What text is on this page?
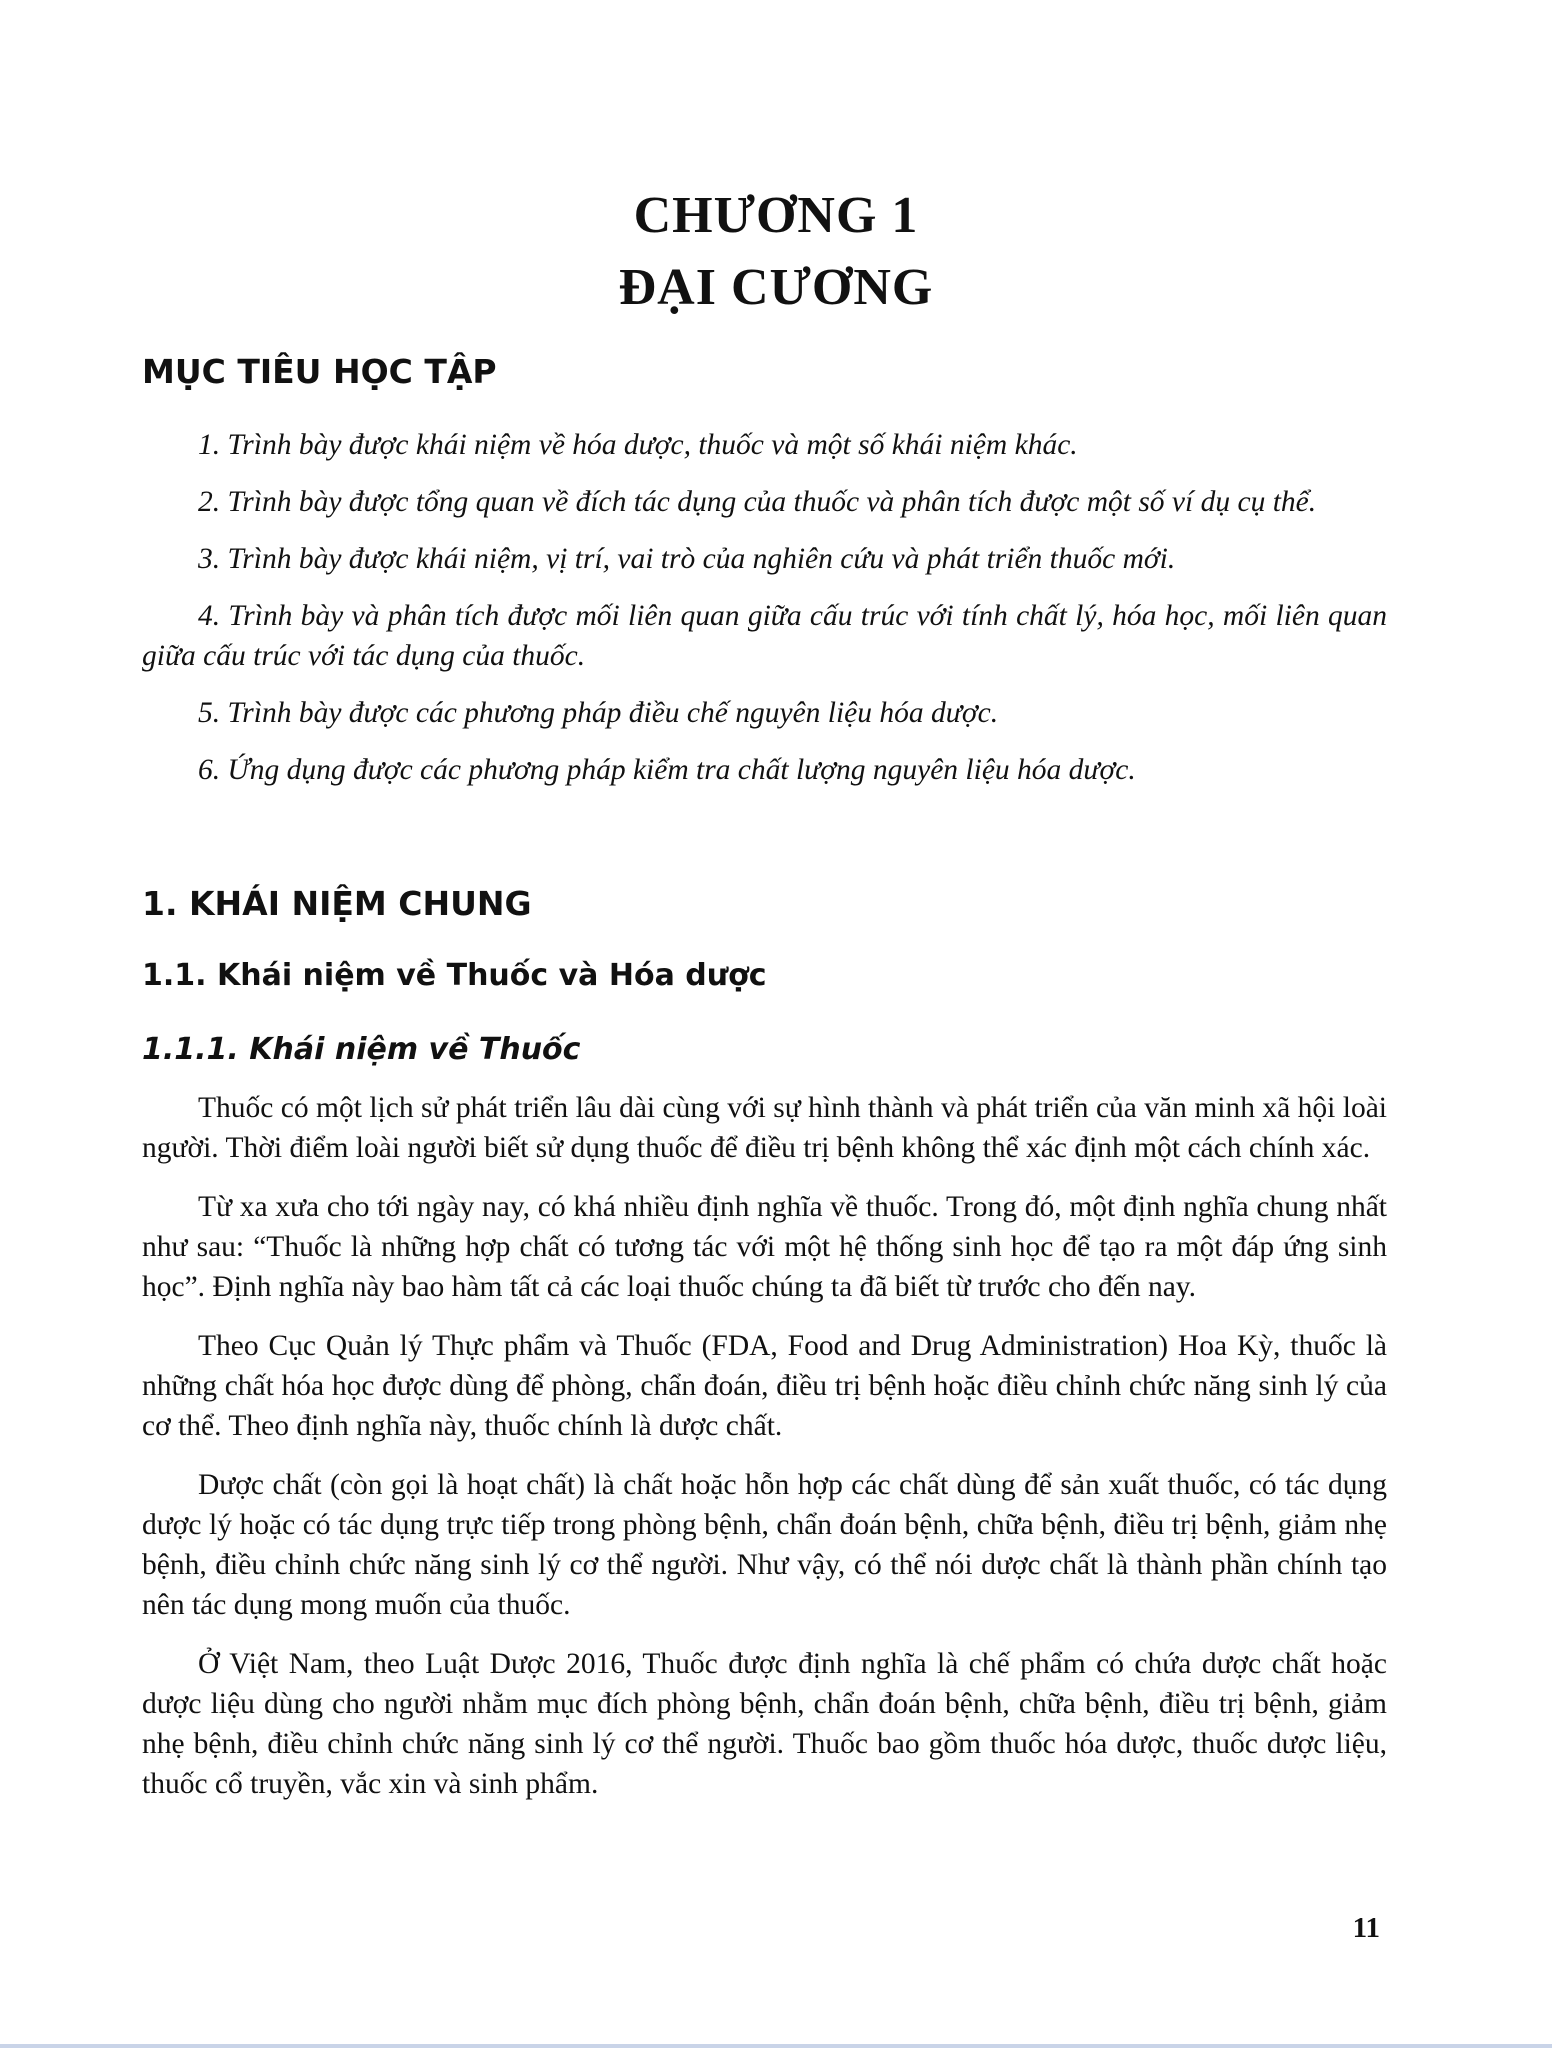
CHƯƠNG 1
ĐẠI CƯƠNG
MỤC TIÊU HỌC TẬP

1. Trình bày được khái niệm về hóa dược, thuốc và một số khái niệm khác.

2. Trình bày được tổng quan về đích tác dụng của thuốc và phân tích được một số ví dụ cụ thể.

3. Trình bày được khái niệm, vị trí, vai trò của nghiên cứu và phát triển thuốc mới.

4. Trình bày và phân tích được mối liên quan giữa cấu trúc với tính chất lý, hóa học, mối liên quan giữa cấu trúc với tác dụng của thuốc.

5. Trình bày được các phương pháp điều chế nguyên liệu hóa dược.

6. Ứng dụng được các phương pháp kiểm tra chất lượng nguyên liệu hóa dược.

1. KHÁI NIỆM CHUNG
1.1. Khái niệm về Thuốc và Hóa dược
1.1.1. Khái niệm về Thuốc

Thuốc có một lịch sử phát triển lâu dài cùng với sự hình thành và phát triển của văn minh xã hội loài người. Thời điểm loài người biết sử dụng thuốc để điều trị bệnh không thể xác định một cách chính xác.

Từ xa xưa cho tới ngày nay, có khá nhiều định nghĩa về thuốc. Trong đó, một định nghĩa chung nhất như sau: “Thuốc là những hợp chất có tương tác với một hệ thống sinh học để tạo ra một đáp ứng sinh học”. Định nghĩa này bao hàm tất cả các loại thuốc chúng ta đã biết từ trước cho đến nay.

Theo Cục Quản lý Thực phẩm và Thuốc (FDA, Food and Drug Administration) Hoa Kỳ, thuốc là những chất hóa học được dùng để phòng, chẩn đoán, điều trị bệnh hoặc điều chỉnh chức năng sinh lý của cơ thể. Theo định nghĩa này, thuốc chính là dược chất.

Dược chất (còn gọi là hoạt chất) là chất hoặc hỗn hợp các chất dùng để sản xuất thuốc, có tác dụng dược lý hoặc có tác dụng trực tiếp trong phòng bệnh, chẩn đoán bệnh, chữa bệnh, điều trị bệnh, giảm nhẹ bệnh, điều chỉnh chức năng sinh lý cơ thể người. Như vậy, có thể nói dược chất là thành phần chính tạo nên tác dụng mong muốn của thuốc.

Ở Việt Nam, theo Luật Dược 2016, Thuốc được định nghĩa là chế phẩm có chứa dược chất hoặc dược liệu dùng cho người nhằm mục đích phòng bệnh, chẩn đoán bệnh, chữa bệnh, điều trị bệnh, giảm nhẹ bệnh, điều chỉnh chức năng sinh lý cơ thể người. Thuốc bao gồm thuốc hóa dược, thuốc dược liệu, thuốc cổ truyền, vắc xin và sinh phẩm.

11
